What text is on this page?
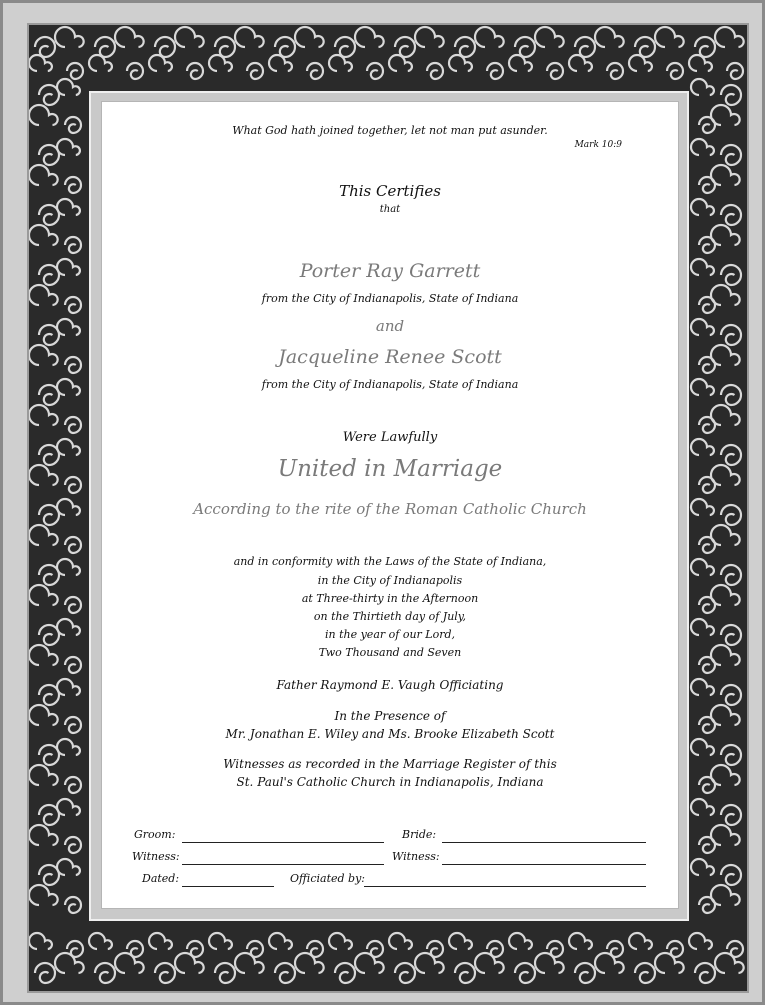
What God hath joined together, let not man put asunder.
Mark 10:9
This Certifies
that
Porter Ray Garrett
from the City of Indianapolis, State of Indiana
and
Jacqueline Renee Scott
from the City of Indianapolis, State of Indiana
Were Lawfully
United in Marriage
According to the rite of the Roman Catholic Church
and in conformity with the Laws of the State of Indiana,
in the City of Indianapolis
at Three-thirty in the Afternoon
on the Thirtieth day of July,
in the year of our Lord,
Two Thousand and Seven
Father Raymond E. Vaugh Officiating
In the Presence of
Mr. Jonathan E. Wiley and Ms. Brooke Elizabeth Scott
Witnesses as recorded in the Marriage Register of this
St. Paul's Catholic Church in Indianapolis, Indiana
Groom:	Bride:
Witness:	Witness:
Dated:	Officiated by:
